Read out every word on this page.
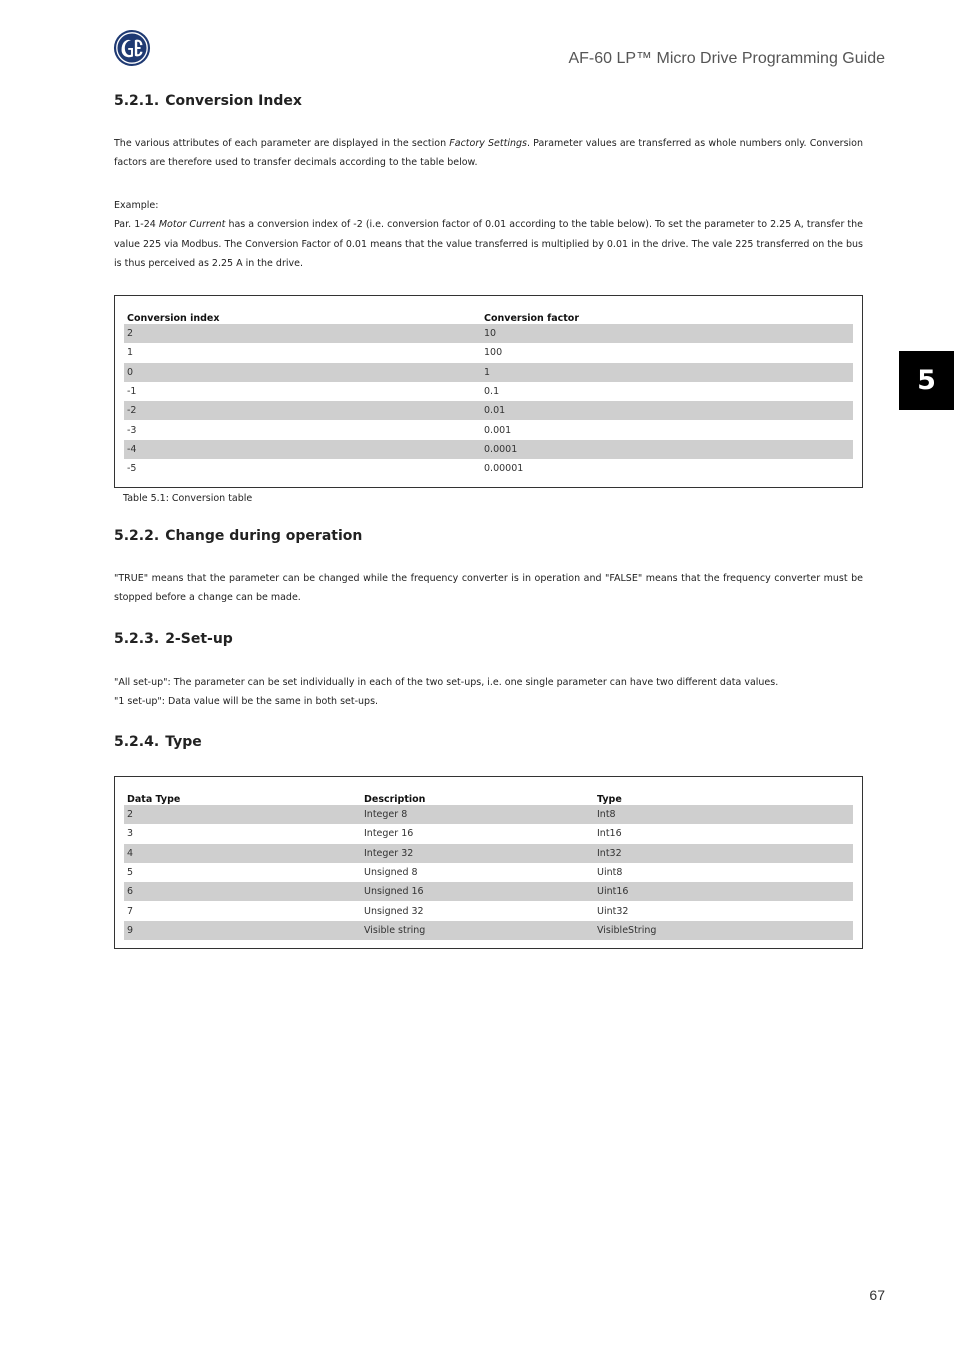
AF-60 LP™ Micro Drive Programming Guide
5.2.1. Conversion Index

The various attributes of each parameter are displayed in the section Factory Settings. Parameter values are transferred as whole numbers only. Conversion factors are therefore used to transfer decimals according to the table below.

Example:

Par. 1-24 Motor Current has a conversion index of -2 (i.e. conversion factor of 0.01 according to the table below). To set the parameter to 2.25 A, transfer the value 225 via Modbus. The Conversion Factor of 0.01 means that the value transferred is multiplied by 0.01 in the drive. The vale 225 transferred on the bus is thus perceived as 2.25 A in the drive.

Conversion index	Conversion factor
2	10
1	100
0	1
-1	0.1
-2	0.01
-3	0.001
-4	0.0001
-5	0.00001
Table 5.1: Conversion table
5.2.2. Change during operation

"TRUE" means that the parameter can be changed while the frequency converter is in operation and "FALSE" means that the frequency converter must be stopped before a change can be made.

5.2.3. 2-Set-up

"All set-up": The parameter can be set individually in each of the two set-ups, i.e. one single parameter can have two different data values.

"1 set-up": Data value will be the same in both set-ups.

5.2.4. Type
Data Type	Description	Type
2	Integer 8	Int8
3	Integer 16	Int16
4	Integer 32	Int32
5	Unsigned 8	Uint8
6	Unsigned 16	Uint16
7	Unsigned 32	Uint32
9	Visible string	VisibleString
5
67
